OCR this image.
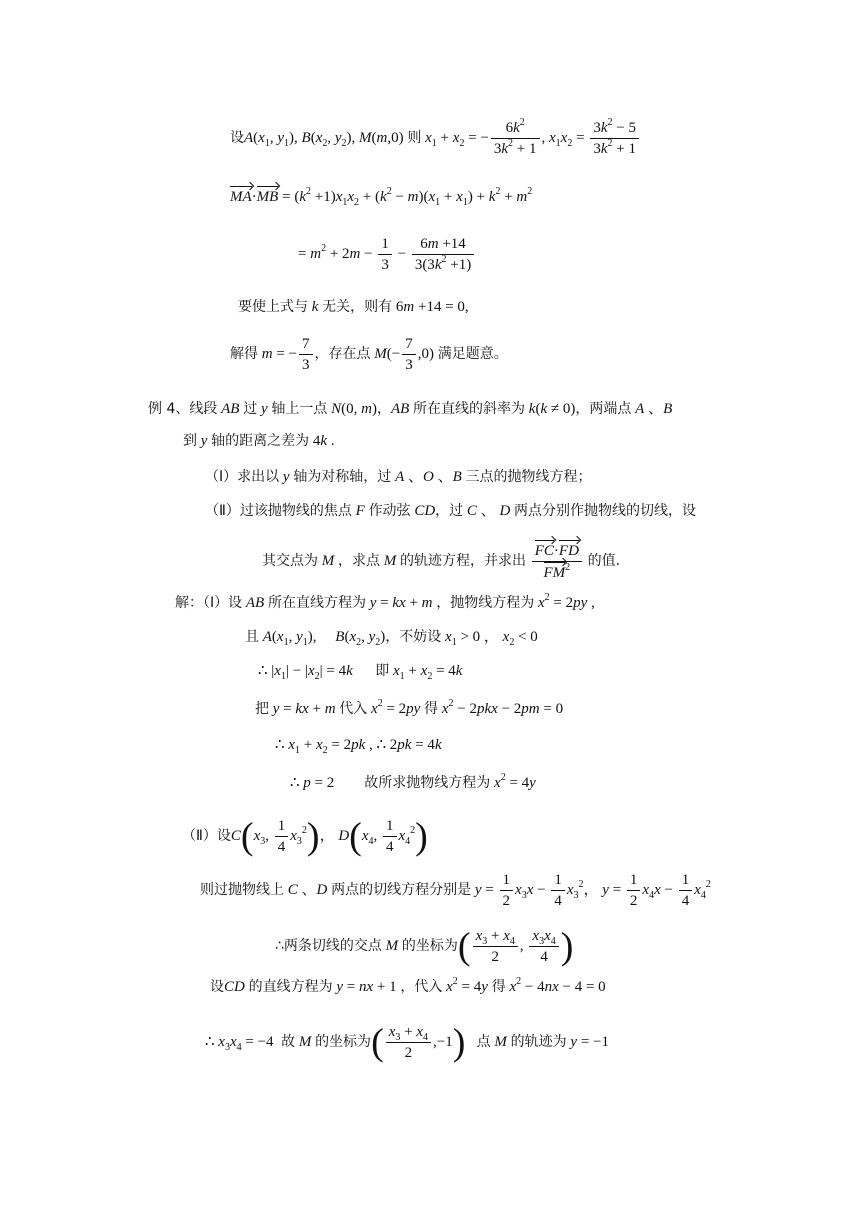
设$A(x_1$, $y_1$), $B(x_2$, $y_2$), M(m,0) 则 $x_1 + x_2$ = − $\frac{6k^2}{3k^2 + 1}$ , $x_1x_2 = \frac{3k^2 - 5}{3k^2 + 1}$
$MA\cdot MB = (k^2 +1)x_1x_2 + (k^2 - m)(x_1 + x_1) + k^2 + m^2$
= $m^2 + 2m - \frac{1}{3} - \frac{6m +14}{3(3k^2 +1)}$
要使上式与 k 无关，则有 6m +14 = 0,
解得 m = − $\frac{7}{3}$ ，存在点 $M(- \frac{7}{3} ,0)$ 满足题意。
例 4、线段 AB 过 y 轴上一点 N(0, m)，AB 所在直线的斜率为 k(k ≠ 0)，两端点 A 、B
到 y 轴的距离之差为 4k .
（Ⅰ）求出以 y 轴为对称轴，过 A 、O 、B 三点的抛物线方程；
（Ⅱ）过该抛物线的焦点 F 作动弦 CD，过 C 、 D 两点分别作抛物线的切线，设
其交点为 M ，求点 M 的轨迹方程，并求出 $\frac{FC\cdot FD}{FM^2}$ 的值.
解：（Ⅰ）设 AB 所在直线方程为 y = kx + m ，抛物线方程为 $x^2 = 2py$ ,
且 $A(x_1$, $y_1$),     $B(x_2$, $y_2$)，不妨设 $x_1 > 0$ ， $x_2 < 0$
∴ $|x_1| - |x_2| = 4k$ 即 $x_1 + x_2 = 4k$
把 y = kx + m 代入 $x^2 = 2py$ 得 $x^2 - 2pkx - 2pm = 0$
∴ $x_1 + x_2 = 2pk$ , ∴ 2pk = 4k
∴ p = 2        故所求抛物线方程为 $x^2 = 4y$
（Ⅱ）设$C(x_3$, $\frac{1}{4} x_3^2$)， $D(x_4$, $\frac{1}{4} x_4^2$)
则过抛物线上 C 、D 两点的切线方程分别是 $y = \frac{1}{2} x_3x - \frac{1}{4} x_3^2$， $y = \frac{1}{2} x_4x - \frac{1}{4} x_4^2$
∴两条切线的交点 M 的坐标为( $\frac{x_3 + x_4}{2}$ , $\frac{x_3x_4}{4}$ )
设CD 的直线方程为 y = nx + 1 ，代入 $x^2 = 4y$ 得 $x^2 - 4nx - 4 = 0$
∴ $x_3x_4 = -4$  故 M 的坐标为( $\frac{x_3 + x_4}{2} ,-1$) 点 M 的轨迹为 y = −1
